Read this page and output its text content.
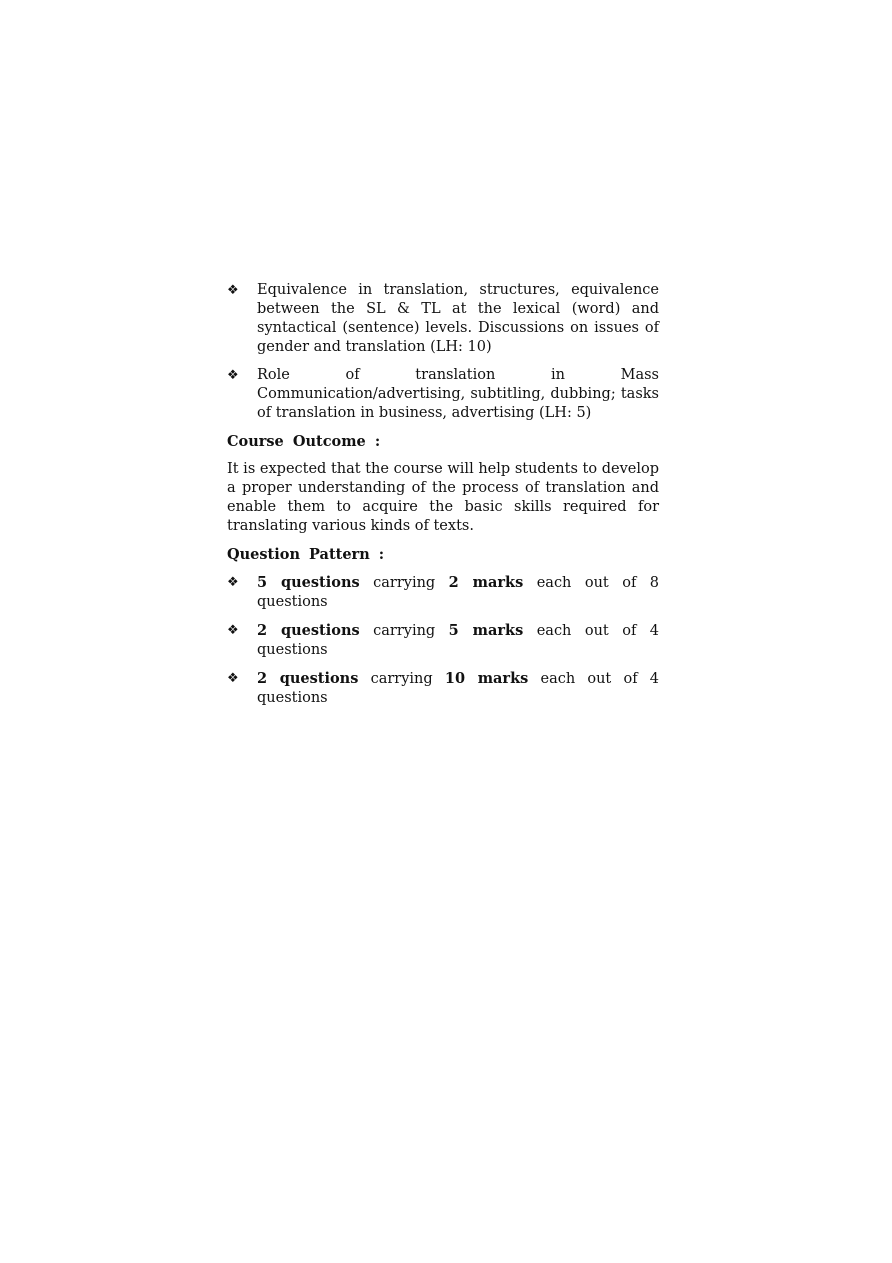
❖	Equivalence in translation, structures, equivalence between the SL & TL at the lexical (word) and syntactical (sentence) levels. Discussions on issues of gender and translation (LH: 10)
❖	Role of translation in Mass Communication/advertising, subtitling, dubbing; tasks of translation in business, advertising (LH: 5)
Course Outcome :
It is expected that the course will help students to develop a proper understanding of the process of translation and enable them to acquire the basic skills required for translating various kinds of texts.
Question Pattern :
❖	5 questions carrying 2 marks each out of 8 questions
❖	2 questions carrying 5 marks each out of 4 questions
❖	2 questions carrying 10 marks each out of 4 questions
